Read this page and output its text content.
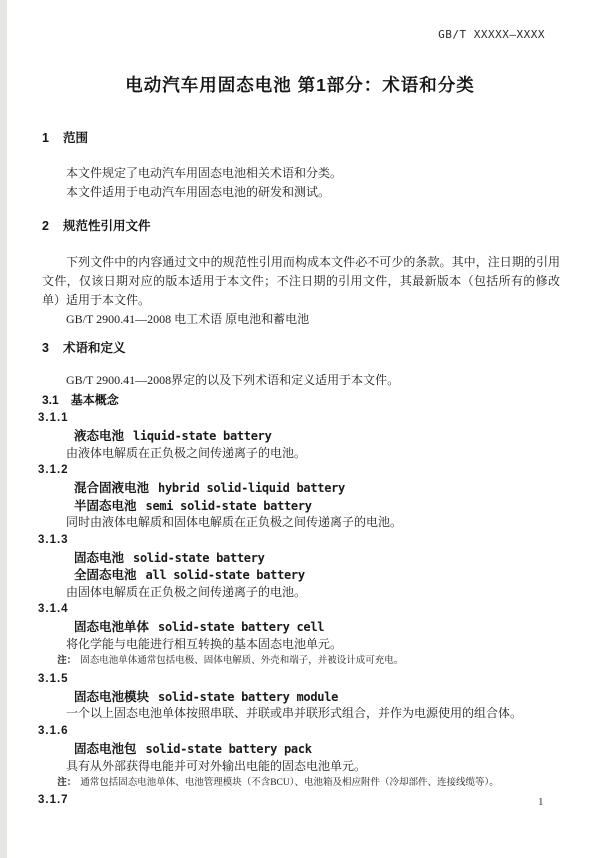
GB/T XXXXX—XXXX
电动汽车用固态电池 第1部分：术语和分类
1 范围
本文件规定了电动汽车用固态电池相关术语和分类。
本文件适用于电动汽车用固态电池的研发和测试。
2 规范性引用文件
下列文件中的内容通过文中的规范性引用而构成本文件必不可少的条款。其中，注日期的引用文件，仅该日期对应的版本适用于本文件；不注日期的引用文件，其最新版本（包括所有的修改单）适用于本文件。
GB/T 2900.41—2008 电工术语 原电池和蓄电池
3 术语和定义
GB/T 2900.41—2008界定的以及下列术语和定义适用于本文件。
3.1 基本概念
3.1.1
液态电池 liquid-state battery
由液体电解质在正负极之间传递离子的电池。
3.1.2
混合固液电池 hybrid solid-liquid battery
半固态电池 semi solid-state battery
同时由液体电解质和固体电解质在正负极之间传递离子的电池。
3.1.3
固态电池 solid-state battery
全固态电池 all solid-state battery
由固体电解质在正负极之间传递离子的电池。
3.1.4
固态电池单体 solid-state battery cell
将化学能与电能进行相互转换的基本固态电池单元。
注： 固态电池单体通常包括电极、固体电解质、外壳和端子，并被设计成可充电。
3.1.5
固态电池模块 solid-state battery module
一个以上固态电池单体按照串联、并联或串并联形式组合，并作为电源使用的组合体。
3.1.6
固态电池包 solid-state battery pack
具有从外部获得电能并可对外输出电能的固态电池单元。
注： 通常包括固态电池单体、电池管理模块（不含BCU）、电池箱及相应附件（冷却部件、连接线缆等）。
3.1.7	1
